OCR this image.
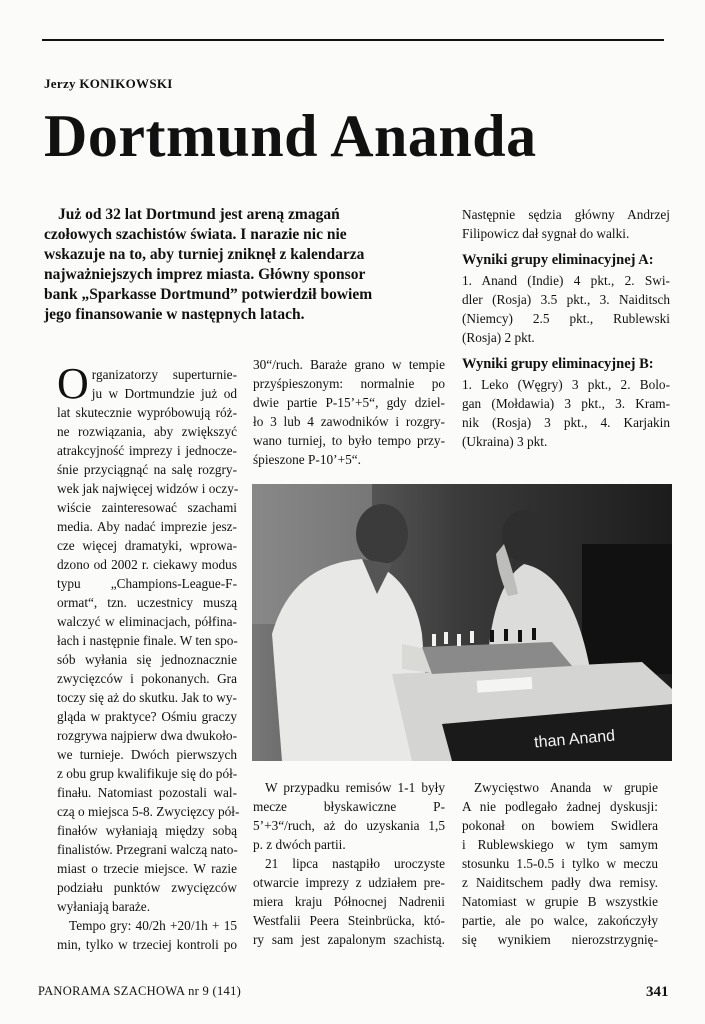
Jerzy KONIKOWSKI
Dortmund Ananda
Już od 32 lat Dortmund jest areną zmagań
czołowych szachistów świata. I narazie nic nie
wskazuje na to, aby turniej zniknęł z kalendarza
najważniejszych imprez miasta. Główny sponsor
bank „Sparkasse Dortmund” potwierdził bowiem
jego finansowanie w następnych latach.
O rganizatorzy superturnie-
ju w Dortmundzie już od
lat skutecznie wypróbowują róż-
ne rozwiązania, aby zwiększyć
atrakcyjność imprezy i jednocze-
śnie przyciągnąć na salę rozgry-
wek jak najwięcej widzów i oczy-
wiście zainteresować szachami
media. Aby nadać imprezie jesz-
cze więcej dramatyki, wprowa-
dzono od 2002 r. ciekawy modus
typu „Champions-League-F-
ormat“, tzn. uczestnicy muszą
walczyć w eliminacjach, półfina-
łach i następnie finale. W ten spo-
sób wyłania się jednoznacznie
zwycięzców i pokonanych. Gra
toczy się aż do skutku. Jak to wy-
gląda w praktyce? Ośmiu graczy
rozgrywa najpierw dwa dwukoło-
we turnieje. Dwóch pierwszych
z obu grup kwalifikuje się do pół-
finału. Natomiast pozostali wal-
czą o miejsca 5-8. Zwycięzcy pół-
finałów wyłaniają między sobą
finalistów. Przegrani walczą nato-
miast o trzecie miejsce. W razie
podziału punktów zwycięzców
wyłaniają baraże.
Tempo gry: 40/2h +20/1h + 15
min, tylko w trzeciej kontroli po
30“/ruch. Baraże grano w tempie
przyśpieszonym: normalnie po
dwie partie P-15’+5“, gdy dziel-
ło 3 lub 4 zawodników i rozgry-
wano turniej, to było tempo przy-
śpieszone P-10’+5“.
Następnie sędzia główny Andrzej
Filipowicz dał sygnał do walki.
Wyniki grupy eliminacyjnej A:
1. Anand (Indie) 4 pkt., 2. Swi-
dler (Rosja) 3.5 pkt., 3. Naiditsch
(Niemcy) 2.5 pkt., Rublewski
(Rosja) 2 pkt.
Wyniki grupy eliminacyjnej B:
1. Leko (Węgry) 3 pkt., 2. Bolo-
gan (Mołdawia) 3 pkt., 3. Kram-
nik (Rosja) 3 pkt., 4. Karjakin
(Ukraina) 3 pkt.
than Anand
W przypadku remisów 1-1 były
mecze błyskawiczne P-
5’+3“/ruch, aż do uzyskania 1,5
p. z dwóch partii.
21 lipca nastąpiło uroczyste
otwarcie imprezy z udziałem pre-
miera kraju Północnej Nadrenii
Westfalii Peera Steinbrücka, któ-
ry sam jest zapalonym szachistą.
Zwycięstwo Ananda w grupie
A nie podlegało żadnej dyskusji:
pokonał on bowiem Swidlera
i Rublewskiego w tym samym
stosunku 1.5-0.5 i tylko w meczu
z Naiditschem padły dwa remisy.
Natomiast w grupie B wszystkie
partie, ale po walce, zakończyły
się wynikiem nierozstrzygnię-
PANORAMA SZACHOWA nr 9 (141)	341
